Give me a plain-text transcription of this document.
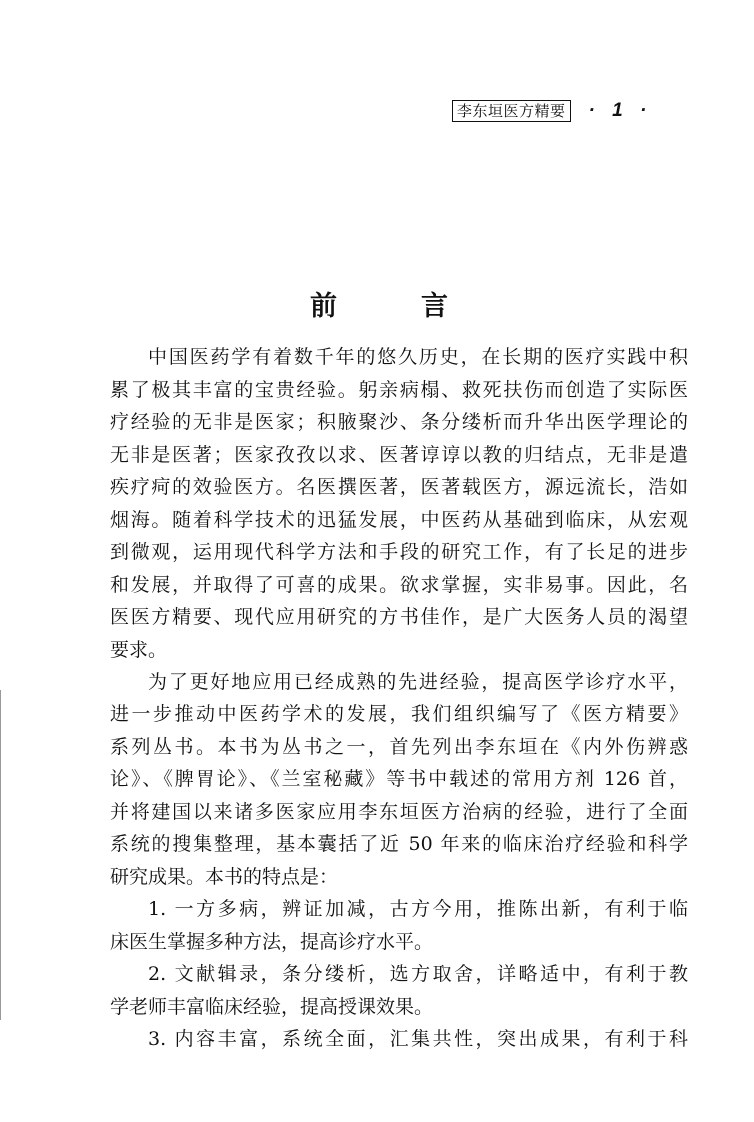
李东垣医方精要 · 1 ·
前言
中国医药学有着数千年的悠久历史，在长期的医疗实践中积
累了极其丰富的宝贵经验。躬亲病榻、救死扶伤而创造了实际医
疗经验的无非是医家；积腋聚沙、条分缕析而升华出医学理论的
无非是医著；医家孜孜以求、医著谆谆以教的归结点，无非是遣
疾疗疴的效验医方。名医撰医著，医著载医方，源远流长，浩如
烟海。随着科学技术的迅猛发展，中医药从基础到临床，从宏观
到微观，运用现代科学方法和手段的研究工作，有了长足的进步
和发展，并取得了可喜的成果。欲求掌握，实非易事。因此，名
医医方精要、现代应用研究的方书佳作，是广大医务人员的渴望
要求。
为了更好地应用已经成熟的先进经验，提高医学诊疗水平，
进一步推动中医药学术的发展，我们组织编写了《医方精要》
系列丛书。本书为丛书之一，首先列出李东垣在《内外伤辨惑
论》、《脾胃论》、《兰室秘藏》等书中载述的常用方剂 126 首，
并将建国以来诸多医家应用李东垣医方治病的经验，进行了全面
系统的搜集整理，基本囊括了近 50 年来的临床治疗经验和科学
研究成果。本书的特点是：
1. 一方多病，辨证加减，古方今用，推陈出新，有利于临
床医生掌握多种方法，提高诊疗水平。
2. 文献辑录，条分缕析，选方取舍，详略适中，有利于教
学老师丰富临床经验，提高授课效果。
3. 内容丰富，系统全面，汇集共性，突出成果，有利于科
